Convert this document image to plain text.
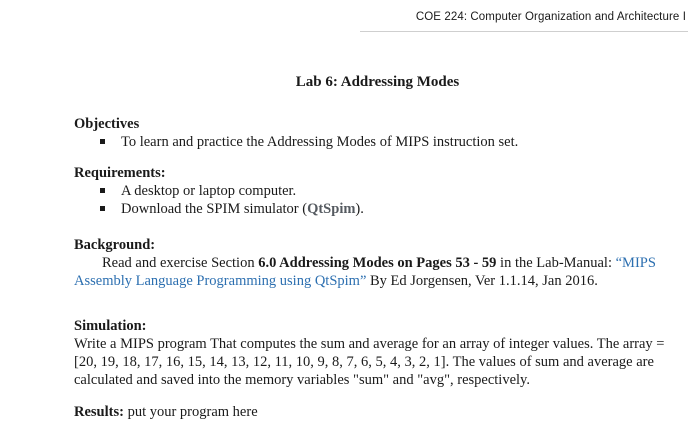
COE 224: Computer Organization and Architecture I
Lab 6: Addressing Modes
Objectives
To learn and practice the Addressing Modes of MIPS instruction set.
Requirements:
A desktop or laptop computer.
Download the SPIM simulator (QtSpim).
Background:
Read and exercise Section 6.0 Addressing Modes on Pages 53 - 59 in the Lab-Manual: “MIPS Assembly Language Programming using QtSpim” By Ed Jorgensen, Ver 1.1.14, Jan 2016.
Simulation:
Write a MIPS program That computes the sum and average for an array of integer values. The array = [20, 19, 18, 17, 16, 15, 14, 13, 12, 11, 10, 9, 8, 7, 6, 5, 4, 3, 2, 1]. The values of sum and average are calculated and saved into the memory variables "sum" and "avg", respectively.
Results: put your program here
